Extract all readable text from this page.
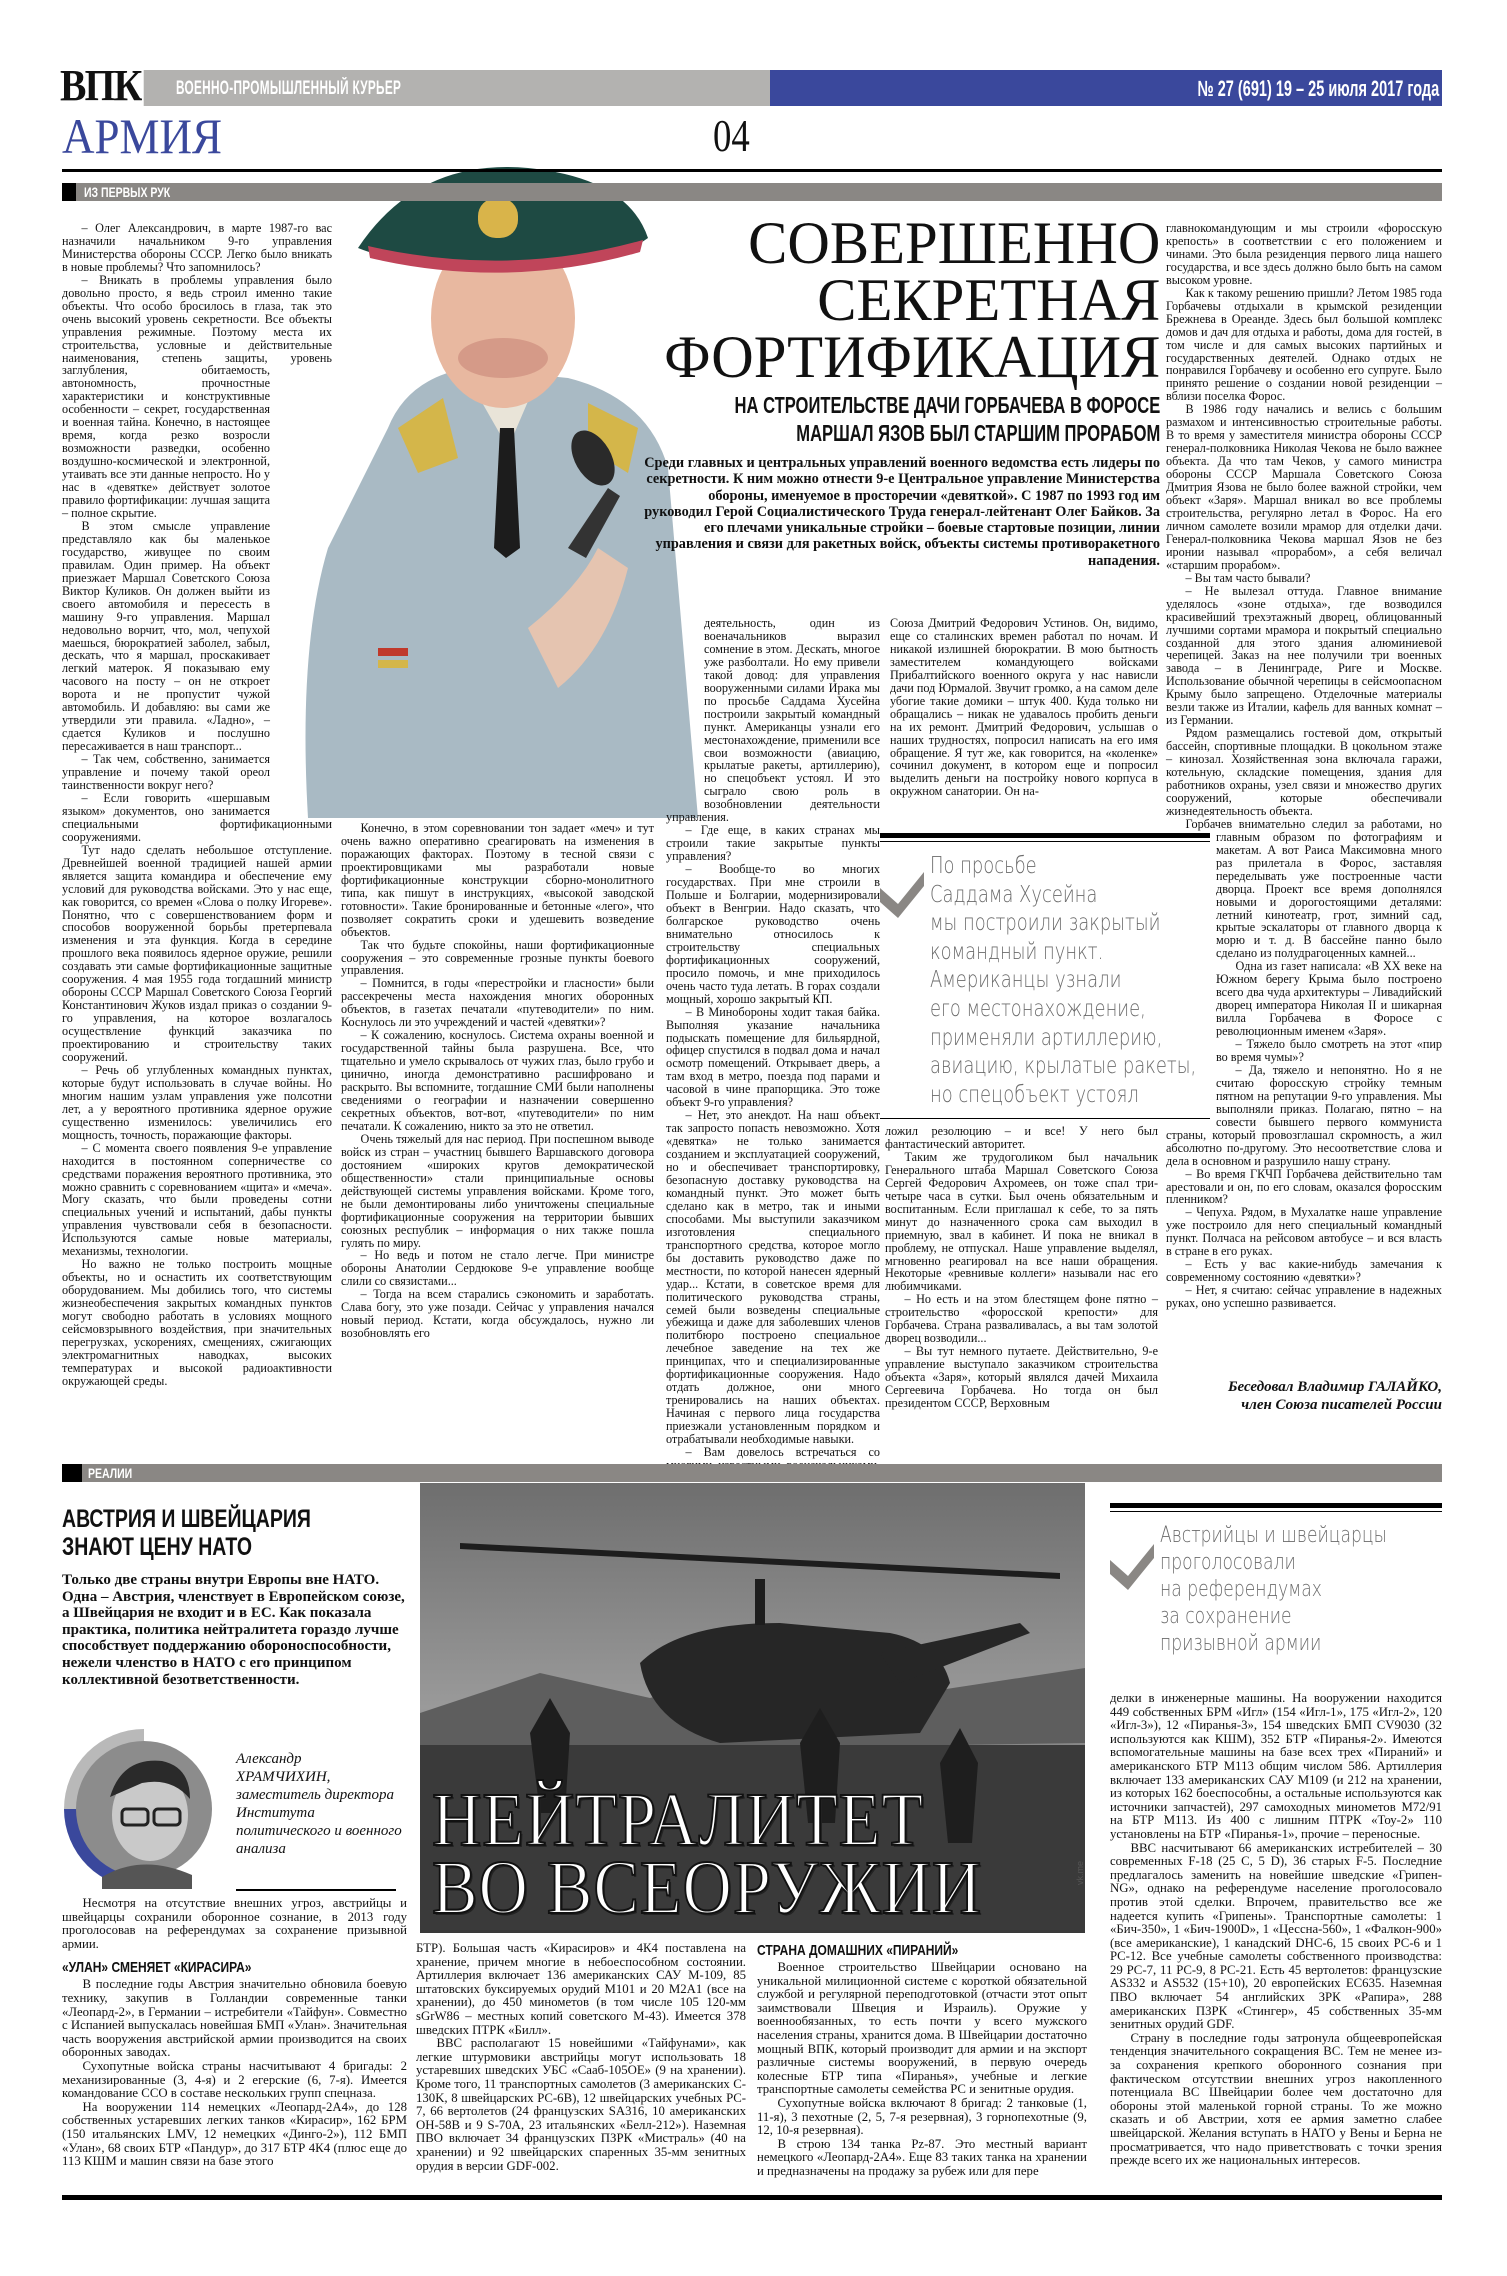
ВПК ВОЕННО-ПРОМЫШЛЕННЫЙ КУРЬЕР	№ 27 (691) 19 – 25 июля 2017 года
АРМИЯ	04
ИЗ ПЕРВЫХ РУК
СОВЕРШЕННО
СЕКРЕТНАЯ
ФОРТИФИКАЦИЯ
НА СТРОИТЕЛЬСТВЕ ДАЧИ ГОРБАЧЕВА В ФОРОСЕ
МАРШАЛ ЯЗОВ БЫЛ СТАРШИМ ПРОРАБОМ
Среди главных и центральных управлений военного ведомства есть лидеры по секретности. К ним можно отнести 9-е Центральное управление Министерства обороны, именуемое в просторечии «девяткой». С 1987 по 1993 год им руководил Герой Социалистического Труда генерал-лейтенант Олег Байков. За его плечами уникальные стройки – боевые стартовые позиции, линии управления и связи для ракетных войск, объекты системы противоракетного нападения.

– Олег Александрович, в марте 1987-го вас назначили начальником 9-го управления Министерства обороны СССР. Легко было вникать в новые проблемы? Что запомнилось?

– Вникать в проблемы управления было довольно просто, я ведь строил именно такие объекты. Что особо бросилось в глаза, так это очень высокий уровень секретности. Все объекты управления режимные. Поэтому места их строительства, условные и действительные наименования, степень защиты, уровень заглубления, обитаемость, автономность, прочностные характеристики и конструктивные особенности – секрет, государственная и военная тайна. Конечно, в настоящее время, когда резко возросли возможности разведки, особенно воздушно-космической и электронной, утаивать все эти данные непросто. Но у нас в «девятке» действует золотое правило фортификации: лучшая защита – полное скрытие.

В этом смысле управление представляло как бы маленькое государство, живущее по своим правилам. Один пример. На объект приезжает Маршал Советского Союза Виктор Куликов. Он должен выйти из своего автомобиля и пересесть в машину 9-го управления. Маршал недовольно ворчит, что, мол, чепухой маешься, бюрократией заболел, забыл, дескать, что я маршал, проскакивает легкий матерок. Я показываю ему часового на посту – он не откроет ворота и не пропустит чужой автомобиль. И добавляю: вы сами же утвердили эти правила. «Ладно», – сдается Куликов и послушно пересаживается в наш транспорт...

– Так чем, собственно, занимается управление и почему такой ореол таинственности вокруг него?

– Если говорить «шершавым языком» документов, оно занимается специальными фортификационными сооружениями.

Тут надо сделать небольшое отступление. Древнейшей военной традицией нашей армии является защита командира и обеспечение ему условий для руководства войсками. Это у нас еще, как говорится, со времен «Слова о полку Игореве». Понятно, что с совершенствованием форм и способов вооруженной борьбы претерпевала изменения и эта функция. Когда в середине прошлого века появилось ядерное оружие, решили создавать эти самые фортификационные защитные сооружения. 4 мая 1955 года тогдашний министр обороны СССР Маршал Советского Союза Георгий Константинович Жуков издал приказ о создании 9-го управления, на которое возлагалось осуществление функций заказчика по проектированию и строительству таких сооружений.

– Речь об углубленных командных пунктах, которые будут использовать в случае войны. Но многим нашим узлам управления уже полсотни лет, а у вероятного противника ядерное оружие существенно изменилось: увеличились его мощность, точность, поражающие факторы.

– С момента своего появления 9-е управление находится в постоянном соперничестве со средствами поражения вероятного противника, это можно сравнить с соревнованием «щита» и «меча». Могу сказать, что были проведены сотни специальных учений и испытаний, дабы пункты управления чувствовали себя в безопасности. Используются самые новые материалы, механизмы, технологии.

Но важно не только построить мощные объекты, но и оснастить их соответствующим оборудованием. Мы добились того, что системы жизнеобеспечения закрытых командных пунктов могут свободно работать в условиях мощного сейсмовзрывного воздействия, при значительных перегрузках, ускорениях, смещениях, сжигающих электромагнитных наводках, высоких температурах и высокой радиоактивности окружающей среды.

Конечно, в этом соревновании тон задает «меч» и тут очень важно оперативно среагировать на изменения в поражающих факторах. Поэтому в тесной связи с проектировщиками мы разработали новые фортификационные конструкции сборно-монолитного типа, как пишут в инструкциях, «высокой заводской готовности». Такие бронированные и бетонные «лего», что позволяет сократить сроки и удешевить возведение объектов.

Так что будьте спокойны, наши фортификационные сооружения – это современные грозные пункты боевого управления.

– Помнится, в годы «перестройки и гласности» были рассекречены места нахождения многих оборонных объектов, в газетах печатали «путеводители» по ним. Коснулось ли это учреждений и частей «девятки»?

– К сожалению, коснулось. Система охраны военной и государственной тайны была разрушена. Все, что тщательно и умело скрывалось от чужих глаз, было грубо и цинично, иногда демонстративно расшифровано и раскрыто. Вы вспомните, тогдашние СМИ были наполнены сведениями о географии и назначении совершенно секретных объектов, вот-вот, «путеводители» по ним печатали. К сожалению, никто за это не ответил.

Очень тяжелый для нас период. При поспешном выводе войск из стран – участниц бывшего Варшавского договора достоянием «широких кругов демократической общественности» стали принципиальные основы действующей системы управления войсками. Кроме того, не были демонтированы либо уничтожены специальные фортификационные сооружения на территории бывших союзных республик – информация о них также пошла гулять по миру.

– Но ведь и потом не стало легче. При министре обороны Анатолии Сердюкове 9-е управление вообще слили со связистами...

– Тогда на всем старались сэкономить и заработать. Слава богу, это уже позади. Сейчас у управления начался новый период. Кстати, когда обсуждалось, нужно ли возобновлять его

деятельность, один из военачальников выразил сомнение в этом. Дескать, многое уже разболтали. Но ему привели такой довод: для управления вооруженными силами Ирака мы по просьбе Саддама Хусейна построили закрытый командный пункт. Американцы узнали его местонахождение, применили все свои возможности (авиацию, крылатые ракеты, артиллерию), но спецобъект устоял. И это сыграло свою роль в возобновлении деятельности управления.

– Где еще, в каких странах мы строили такие закрытые пункты управления?

– Вообще-то во многих государствах. При мне строили в Польше и Болгарии, модернизировали объект в Венгрии. Надо сказать, что болгарское руководство очень внимательно относилось к строительству специальных фортификационных сооружений, просило помочь, и мне приходилось очень часто туда летать. В горах создали мощный, хорошо закрытый КП.

– В Минобороны ходит такая байка. Выполняя указание начальника подыскать помещение для бильярдной, офицер спустился в подвал дома и начал осмотр помещений. Открывает дверь, а там вход в метро, поезда под парами и часовой в чине прапорщика. Это тоже объект 9-го управления?

– Нет, это анекдот. На наш объект так запросто попасть невозможно. Хотя «девятка» не только занимается созданием и эксплуатацией сооружений, но и обеспечивает транспортировку, безопасную доставку руководства на командный пункт. Это может быть сделано как в метро, так и иными способами. Мы выступили заказчиком изготовления специального транспортного средства, которое могло бы доставить руководство даже по местности, по которой нанесен ядерный удар... Кстати, в советское время для политического руководства страны, семей были возведены специальные убежища и даже для заболевших членов политбюро построено специальное лечебное заведение на тех же принципах, что и специализированные фортификационные сооружения. Надо отдать должное, они много тренировались на наших объектах. Начиная с первого лица государства приезжали установленным порядком и отрабатывали необходимые навыки.

– Вам довелось встречаться со

Союза Дмитрий Федорович Устинов. Он, видимо, еще со сталинских времен работал по ночам. И никакой излишней бюрократии. В мою бытность заместителем командующего войсками Прибалтийского военного округа у нас нависли дачи под Юрмалой. Звучит громко, а на самом деле убогие такие домики – штук 400. Куда только ни обращались – никак не удавалось пробить деньги на их ремонт. Дмитрий Федорович, услышав о наших трудностях, попросил написать на его имя обращение. Я тут же, как говорится, на «коленке» сочинил документ, в котором еще и попросил выделить деньги на постройку нового корпуса в окружном санатории. Он на-

По просьбе
Саддама Хусейна
мы построили закрытый
командный пункт.
Американцы узнали
его местонахождение,
применяли артиллерию,
авиацию, крылатые ракеты,
но спецобъект устоял

ложил резолюцию – и все! У него был фантастический авторитет.

Таким же трудоголиком был начальник Генерального штаба Маршал Советского Союза Сергей Федорович Ахромеев, он тоже спал три-четыре часа в сутки. Был очень обязательным и воспитанным. Если приглашал к себе, то за пять минут до назначенного срока сам выходил в приемную, звал в кабинет. И пока не вникал в проблему, не отпускал. Наше управление выделял, мгновенно реагировал на все наши обращения. Некоторые «ревнивые коллеги» называли нас его любимчиками.

– Но есть и на этом блестящем фоне пятно – строительство «форосской крепости» для Горбачева. Страна разваливалась, а вы там золотой дворец возводили...

– Вы тут немного путаете. Действительно, 9-е управление выступало заказчиком строительства объекта «Заря», который являлся дачей Михаила Сергеевича Горбачева. Но тогда он был президентом СССР, Верховным

главнокомандующим и мы строили «форосскую крепость» в соответствии с его положением и чинами. Это была резиденция первого лица нашего государства, и все здесь должно было быть на самом высоком уровне.

Как к такому решению пришли? Летом 1985 года Горбачевы отдыхали в крымской резиденции Брежнева в Ореанде. Здесь был большой комплекс домов и дач для отдыха и работы, дома для гостей, в том числе и для самых высоких партийных и государственных деятелей. Однако отдых не понравился Горбачеву и особенно его супруге. Было принято решение о создании новой резиденции – вблизи поселка Форос.

В 1986 году начались и велись с большим размахом и интенсивностью строительные работы. В то время у заместителя министра обороны СССР генерал-полковника Николая Чекова не было важнее объекта. Да что там Чеков, у самого министра обороны СССР Маршала Советского Союза Дмитрия Язова не было более важной стройки, чем объект «Заря». Маршал вникал во все проблемы строительства, регулярно летал в Форос. На его личном самолете возили мрамор для отделки дачи. Генерал-полковника Чекова маршал Язов не без иронии называл «прорабом», а себя величал «старшим прорабом».

– Вы там часто бывали?

– Не вылезал оттуда. Главное внимание уделялось «зоне отдыха», где возводился красивейший трехэтажный дворец, облицованный лучшими сортами мрамора и покрытый специально созданной для этого здания алюминиевой черепицей. Заказ на нее получили три военных завода – в Ленинграде, Риге и Москве. Использование обычной черепицы в сейсмоопасном Крыму было запрещено. Отделочные материалы везли также из Италии, кафель для ванных комнат – из Германии.

Рядом размещались гостевой дом, открытый бассейн, спортивные площадки. В цокольном этаже – кинозал. Хозяйственная зона включала гаражи, котельную, складские помещения, здания для работников охраны, узел связи и множество других сооружений, которые обеспечивали жизнедеятельность объекта.

Горбачев внимательно следил за работами, но главным образом по фотографиям и макетам. А вот Раиса Максимовна много раз прилетала в Форос, заставляя переделывать уже построенные части дворца. Проект все время дополнялся новыми и дорогостоящими деталями: летний кинотеатр, грот, зимний сад, крытые эскалаторы от главного дворца к морю и т. д. В бассейне панно было сделано из полудрагоценных камней...

Одна из газет написала: «В XX веке на Южном берегу Крыма было построено всего два чуда архитектуры – Ливадийский дворец императора Николая II и шикарная вилла Горбачева в Форосе с революционным именем «Заря».

– Тяжело было смотреть на этот «пир во время чумы»?

– Да, тяжело и непонятно. Но я не считаю форосскую стройку темным пятном на репутации 9-го управления. Мы выполняли приказ. Полагаю, пятно – на совести бывшего первого коммуниста страны, который провозглашал скромность, а жил абсолютно по-другому. Это несоответствие слова и дела в основном и разрушило нашу страну.

– Во время ГКЧП Горбачева действительно там арестовали и он, по его словам, оказался форосским пленником?

– Чепуха. Рядом, в Мухалатке наше управление уже построило для него специальный командный пункт. Полчаса на рейсовом автобусе – и вся власть в стране в его руках.

– Есть у вас какие-нибудь замечания к современному состоянию «девятки»?

– Нет, я считаю: сейчас управление в надежных руках, оно успешно развивается.

Беседовал Владимир ГАЛАЙКО,
член Союза писателей России
РЕАЛИИ
АВСТРИЯ И ШВЕЙЦАРИЯ
ЗНАЮТ ЦЕНУ НАТО
Только две страны внутри Европы вне НАТО. Одна – Австрия, членствует в Европейском союзе, а Швейцария не входит и в ЕС. Как показала практика, политика нейтралитета гораздо лучше способствует поддержанию обороноспособности, нежели членство в НАТО с его принципом коллективной безответственности.
Александр
ХРАМЧИХИН,
заместитель директора Института политического и военного анализа

Несмотря на отсутствие внешних угроз, австрийцы и швейцарцы сохранили оборонное сознание, в 2013 году проголосовав на референдумах за сохранение призывной армии.

«УЛАН» СМЕНЯЕТ «КИРАСИРА»

В последние годы Австрия значительно обновила боевую технику, закупив в Голландии современные танки «Леопард-2», в Германии – истребители «Тайфун». Совместно с Испанией выпускалась новейшая БМП «Улан». Значительная часть вооружения австрийской армии производится на своих оборонных заводах.

Сухопутные войска страны насчитывают 4 бригады: 2 механизированные (3, 4-я) и 2 егерские (6, 7-я). Имеется командование ССО в составе нескольких групп спецназа.

На вооружении 114 немецких «Леопард-2А4», до 128 собственных устаревших легких танков «Кирасир», 162 БРМ (150 итальянских LMV, 12 немецких «Динго-2»), 112 БМП «Улан», 68 своих БТР «Пандур», до 317 БТР 4К4 (плюс еще до 113 КШМ и машин связи на базе этого

НЕЙТРАЛИТЕТ
ВО ВСЕОРУЖИИ	vk.me

БТР). Большая часть «Кирасиров» и 4К4 поставлена на хранение, причем многие в небоеспособном состоянии. Артиллерия включает 136 американских САУ М-109, 85 штатовских буксируемых орудий M101 и 20 M2A1 (все на хранении), до 450 минометов (в том числе 105 120-мм sGrW86 – местных копий советского М-43). Имеется 378 шведских ПТРК «Билл».

ВВС располагают 15 новейшими «Тайфунами», как легкие штурмовики австрийцы могут использовать 18 устаревших шведских УБС «Сааб-105ОЕ» (9 на хранении). Кроме того, 11 транспортных самолетов (3 американских C-130K, 8 швейцарских PC-6B), 12 швейцарских учебных PC-7, 66 вертолетов (24 французских SA316, 10 американских OH-58B и 9 S-70A, 23 итальянских «Белл-212»). Наземная ПВО включает 34 французских ПЗРК «Мистраль» (40 на хранении) и 92 швейцарских спаренных 35-мм зенитных орудия в версии GDF-002.

СТРАНА ДОМАШНИХ «ПИРАНИЙ»

Военное строительство Швейцарии основано на уникальной милиционной системе с короткой обязательной службой и регулярной переподготовкой (отчасти этот опыт заимствовали Швеция и Израиль). Оружие у военнообязанных, то есть почти у всего мужского населения страны, хранится дома. В Швейцарии достаточно мощный ВПК, который производит для армии и на экспорт различные системы вооружений, в первую очередь колесные БТР типа «Пиранья», учебные и легкие транспортные самолеты семейства PC и зенитные орудия.

Сухопутные войска включают 8 бригад: 2 танковые (1, 11-я), 3 пехотные (2, 5, 7-я резервная), 3 горнопехотные (9, 12, 10-я резервная).

В строю 134 танка Pz-87. Это местный вариант немецкого «Леопард-2А4». Еще 83 таких танка на хранении и предназначены на продажу за рубеж или для пере

Австрийцы и швейцарцы
проголосовали
на референдумах
за сохранение
призывной армии

делки в инженерные машины. На вооружении находится 449 собственных БРМ «Игл» (154 «Игл-1», 175 «Игл-2», 120 «Игл-3»), 12 «Пиранья-3», 154 шведских БМП CV9030 (32 используются как КШМ), 352 БТР «Пиранья-2». Имеются вспомогательные машины на базе всех трех «Пираний» и американского БТР M113 общим числом 586. Артиллерия включает 133 американских САУ M109 (и 212 на хранении, из которых 162 боеспособны, а остальные используются как источники запчастей), 297 самоходных минометов M72/91 на БТР M113. Из 400 с лишним ПТРК «Тоу-2» 110 установлены на БТР «Пиранья-1», прочие – переносные.

ВВС насчитывают 66 американских истребителей – 30 современных F-18 (25 C, 5 D), 36 старых F-5. Последние предлагалось заменить на новейшие шведские «Грипен-NG», однако на референдуме население проголосовало против этой сделки. Впрочем, правительство все же надеется купить «Грипены». Транспортные самолеты: 1 «Бич-350», 1 «Бич-1900D», 1 «Цессна-560», 1 «Фалкон-900» (все американские), 1 канадский DHC-6, 15 своих PC-6 и 1 PC-12. Все учебные самолеты собственного производства: 29 PC-7, 11 PC-9, 8 PC-21. Есть 45 вертолетов: французские AS332 и AS532 (15+10), 20 европейских EC635. Наземная ПВО включает 54 английских ЗРК «Рапира», 288 американских ПЗРК «Стингер», 45 собственных 35-мм зенитных орудий GDF.

Страну в последние годы затронула общеевропейская тенденция значительного сокращения ВС. Тем не менее из-за сохранения крепкого оборонного сознания при фактическом отсутствии внешних угроз накопленного потенциала ВС Швейцарии более чем достаточно для обороны этой маленькой горной страны. То же можно сказать и об Австрии, хотя ее армия заметно слабее швейцарской. Желания вступать в НАТО у Вены и Берна не просматривается, что надо приветствовать с точки зрения прежде всего их же национальных интересов.
